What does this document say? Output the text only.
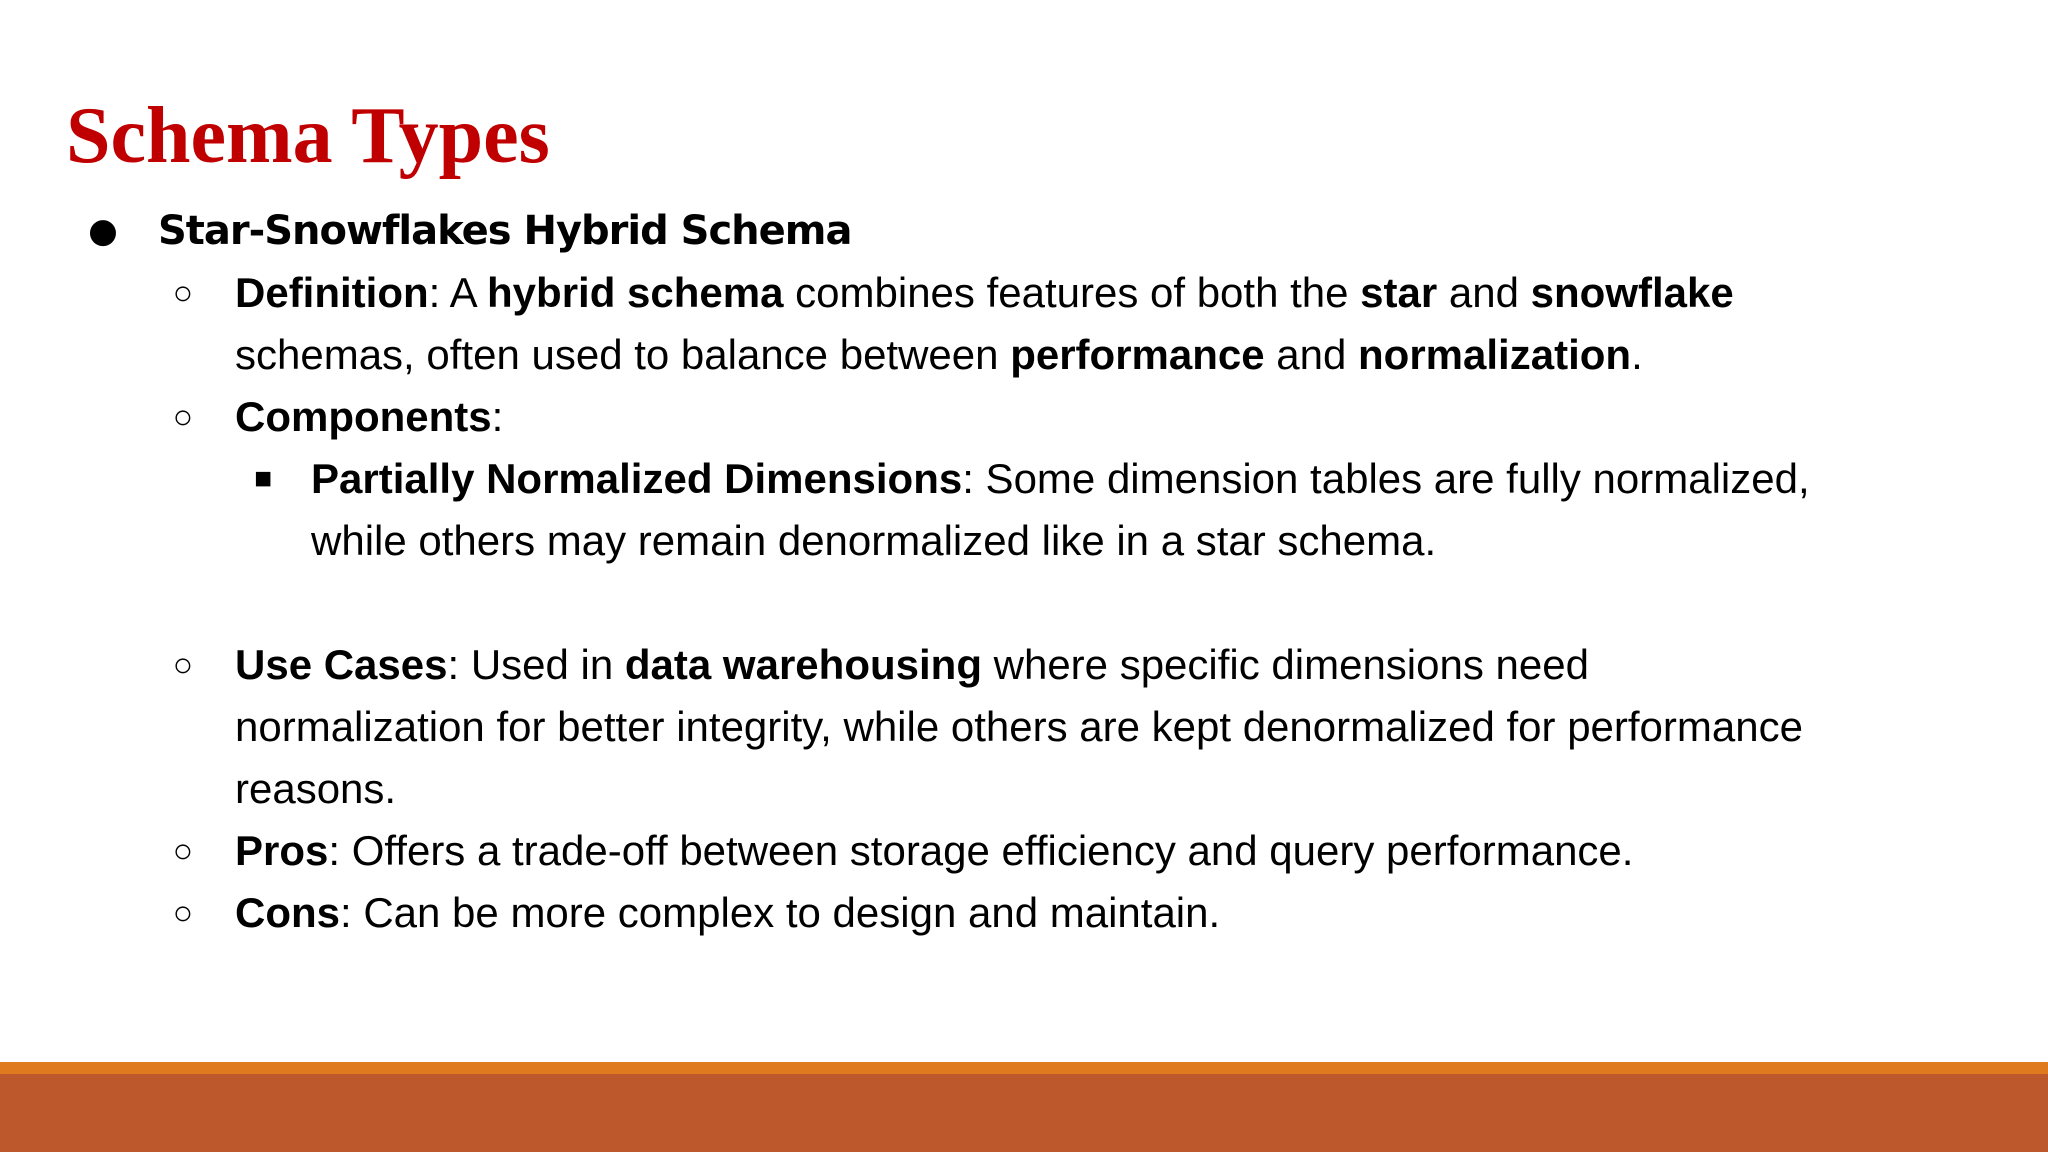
Schema Types
● Star-Snowflakes Hybrid Schema
○ Definition: A hybrid schema combines features of both the star and snowflake
schemas, often used to balance between performance and normalization.
○ Components:
■ Partially Normalized Dimensions: Some dimension tables are fully normalized,
while others may remain denormalized like in a star schema.
○ Use Cases: Used in data warehousing where specific dimensions need
normalization for better integrity, while others are kept denormalized for performance
reasons.
○ Pros: Offers a trade-off between storage efficiency and query performance.
○ Cons: Can be more complex to design and maintain.
